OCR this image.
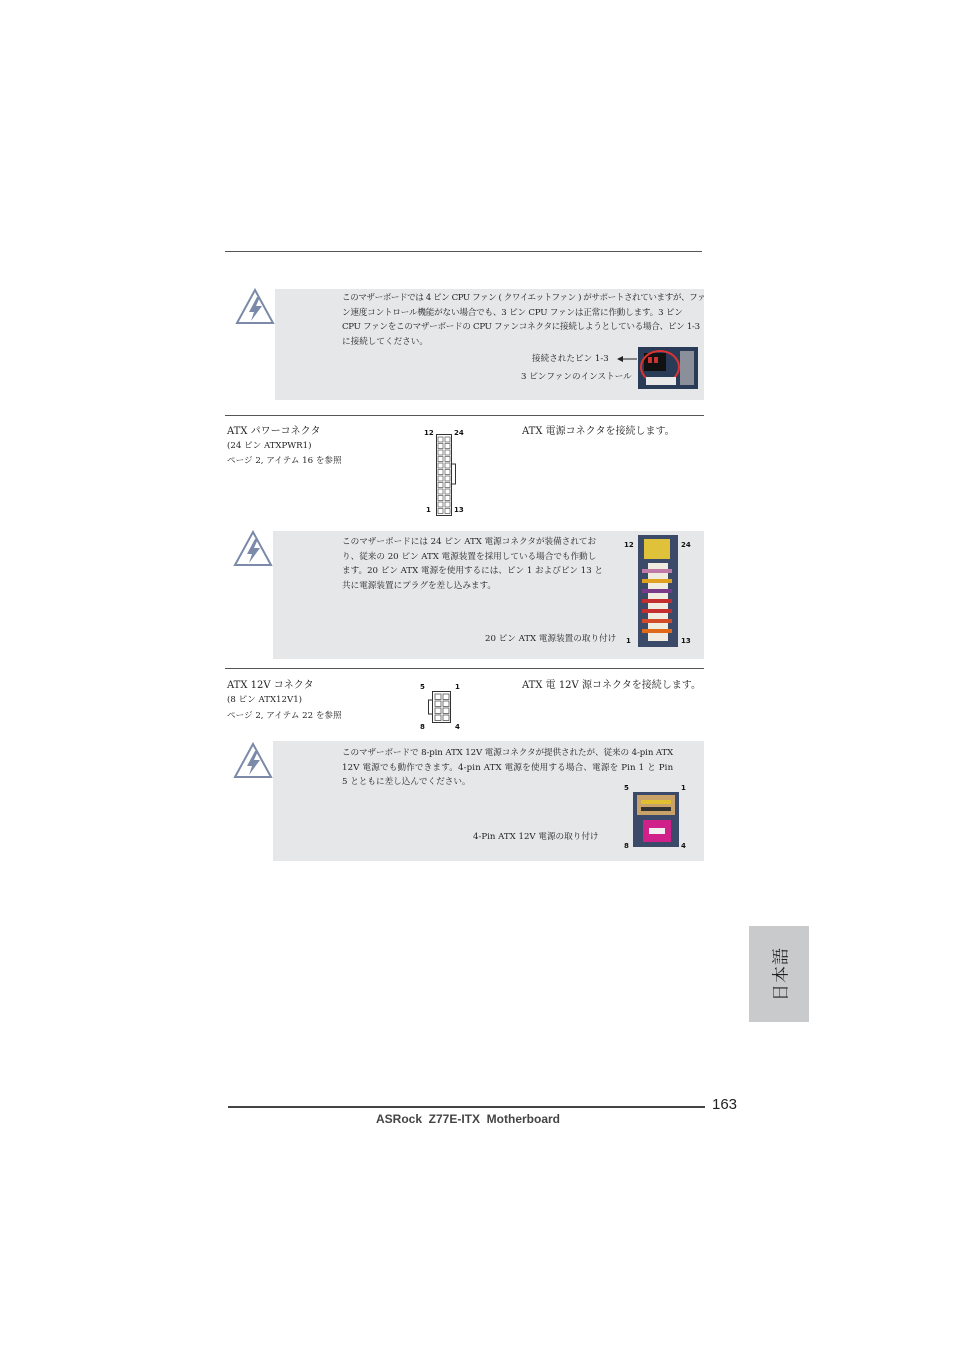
このマザーボードでは 4 ピン CPU ファン ( クワイエットファン ) がサポートされていますが、ファ

ン速度コントロール機能がない場合でも、3 ピン CPU ファンは正常に作動します。3 ピン

CPU ファンをこのマザーボードの CPU ファンコネクタに接続しようとしている場合、ピン 1-3

に接続してください。

接続されたピン 1-3
3 ピンファンのインストール
ATX パワーコネクタ
(24 ピン ATXPWR1)
ページ 2, アイテム 16 を参照
ATX 電源コネクタを接続します。
12	24
1	13

このマザーボードには 24 ピン ATX 電源コネクタが装備されてお

り、従来の 20 ピン ATX 電源装置を採用している場合でも作動し

ます。20 ピン ATX 電源を使用するには、ピン 1 およびピン 13 と

共に電源装置にプラグを差し込みます。

20 ピン ATX 電源装置の取り付け
12	24
1	13
ATX 12V コネクタ
(8 ピン ATX12V1)
ページ 2, アイテム 22 を参照
ATX 電 12V 源コネクタを接続します。
5	1
8	4

このマザーボードで 8-pin ATX 12V 電源コネクタが提供されたが、従来の 4-pin ATX

12V 電源でも動作できます。4-pin ATX 電源を使用する場合、電源を Pin 1 と Pin

5 とともに差し込んでください。

4-Pin ATX 12V 電源の取り付け
5	1
8	4
日本語
163
ASRock  Z77E-ITX  Motherboard
